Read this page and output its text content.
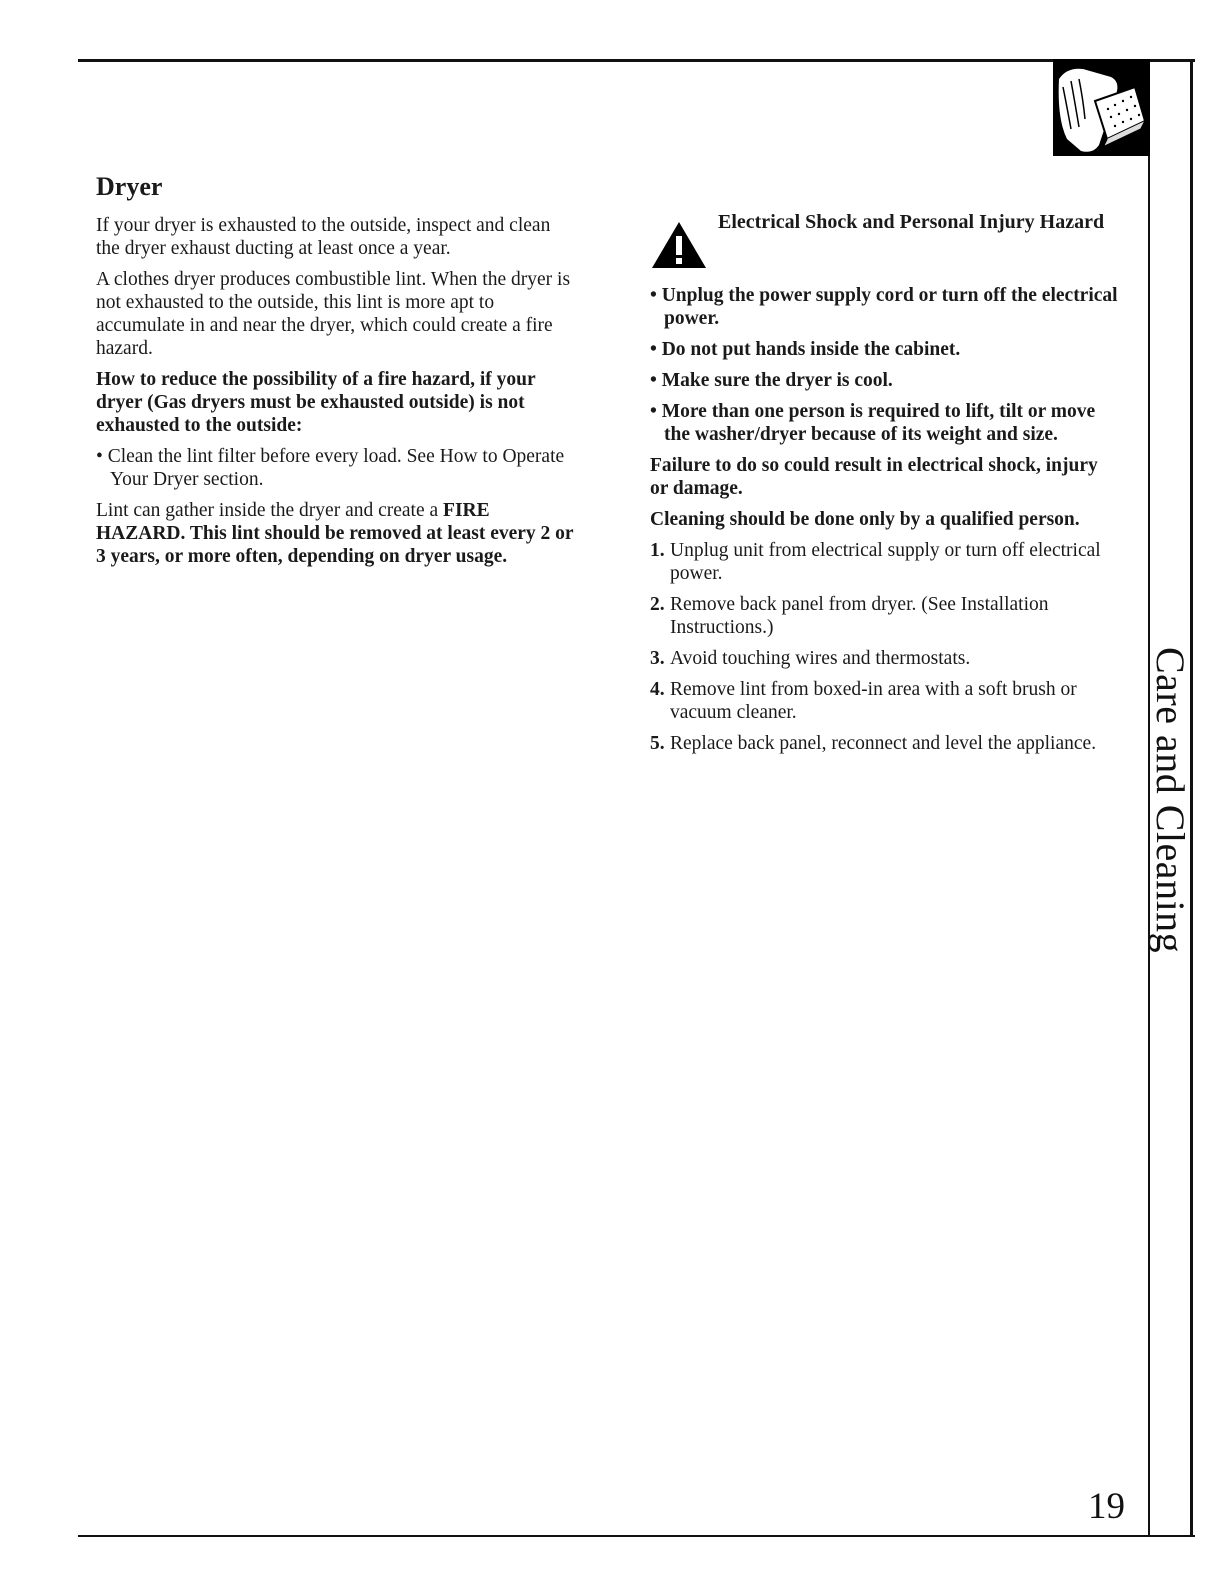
Care and Cleaning
19
Dryer

If your dryer is exhausted to the outside, inspect and clean the dryer exhaust ducting at least once a year.

A clothes dryer produces combustible lint. When the dryer is not exhausted to the outside, this lint is more apt to accumulate in and near the dryer, which could create a fire hazard.

How to reduce the possibility of a fire hazard, if your dryer (Gas dryers must be exhausted outside) is not exhausted to the outside:

• Clean the lint filter before every load. See How to Operate Your Dryer section.

Lint can gather inside the dryer and create a FIRE HAZARD. This lint should be removed at least every 2 or 3 years, or more often, depending on dryer usage.

Electrical Shock and Personal Injury Hazard

• Unplug the power supply cord or turn off the electrical power.

• Do not put hands inside the cabinet.

• Make sure the dryer is cool.

• More than one person is required to lift, tilt or move the washer/dryer because of its weight and size.

Failure to do so could result in electrical shock, injury or damage.

Cleaning should be done only by a qualified person.

1. Unplug unit from electrical supply or turn off electrical power.
2. Remove back panel from dryer. (See Installation Instructions.)
3. Avoid touching wires and thermostats.
4. Remove lint from boxed-in area with a soft brush or vacuum cleaner.
5. Replace back panel, reconnect and level the appliance.
